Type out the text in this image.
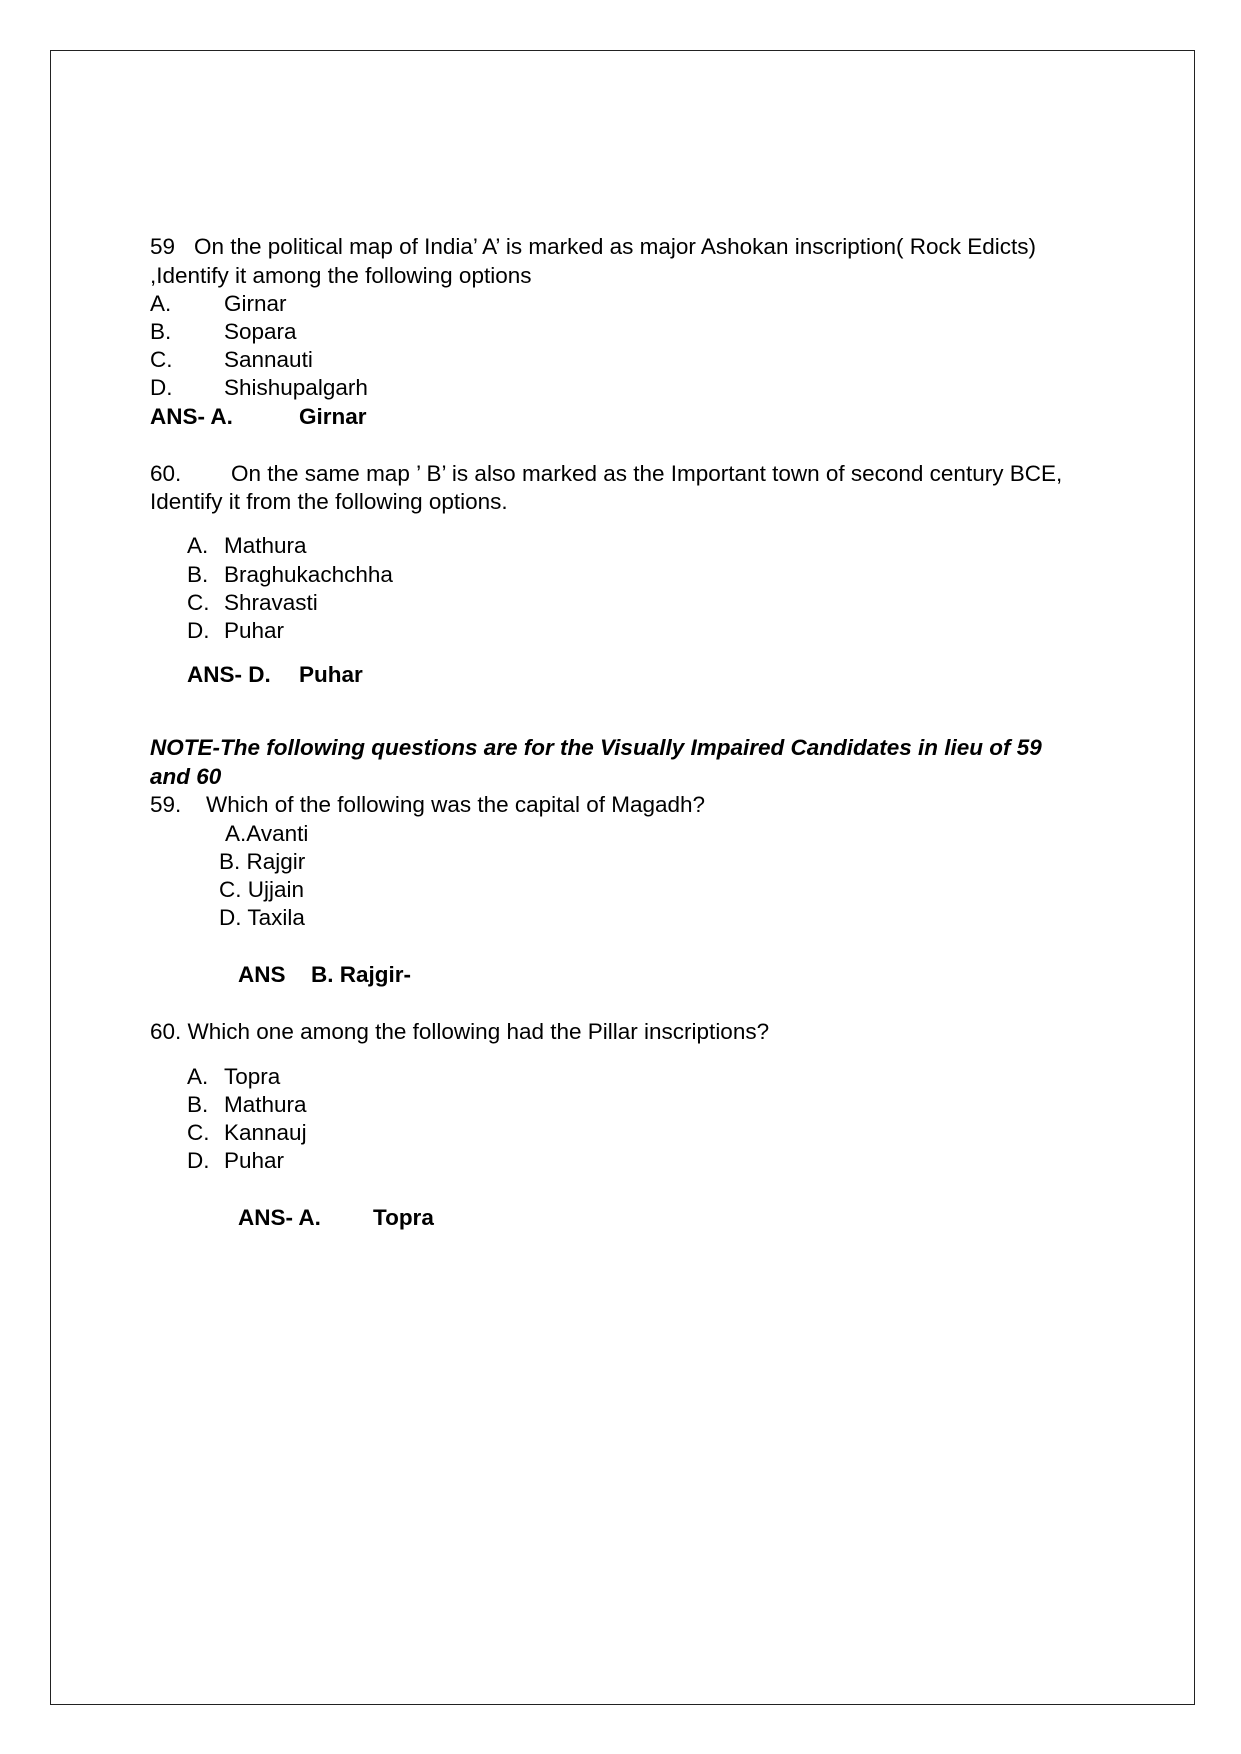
59 On the political map of India’ A’ is marked as major Ashokan inscription( Rock Edicts)
,Identify it among the following options
A. Girnar
B. Sopara
C. Sannauti
D. Shishupalgarh
ANS- A.	Girnar
60. On the same map ’ B’ is also marked as the Important town of second century BCE,
Identify it from the following options.
A. Mathura
B. Braghukachchha
C. Shravasti
D. Puhar
ANS- D. Puhar
NOTE-The following questions are for the Visually Impaired Candidates in lieu of 59
and 60
59. Which of the following was the capital of Magadh?
A.Avanti
B. Rajgir
C. Ujjain
D. Taxila
ANS B. Rajgir-
60. Which one among the following had the Pillar inscriptions?
A. Topra
B. Mathura
C. Kannauj
D. Puhar
ANS- A. Topra
